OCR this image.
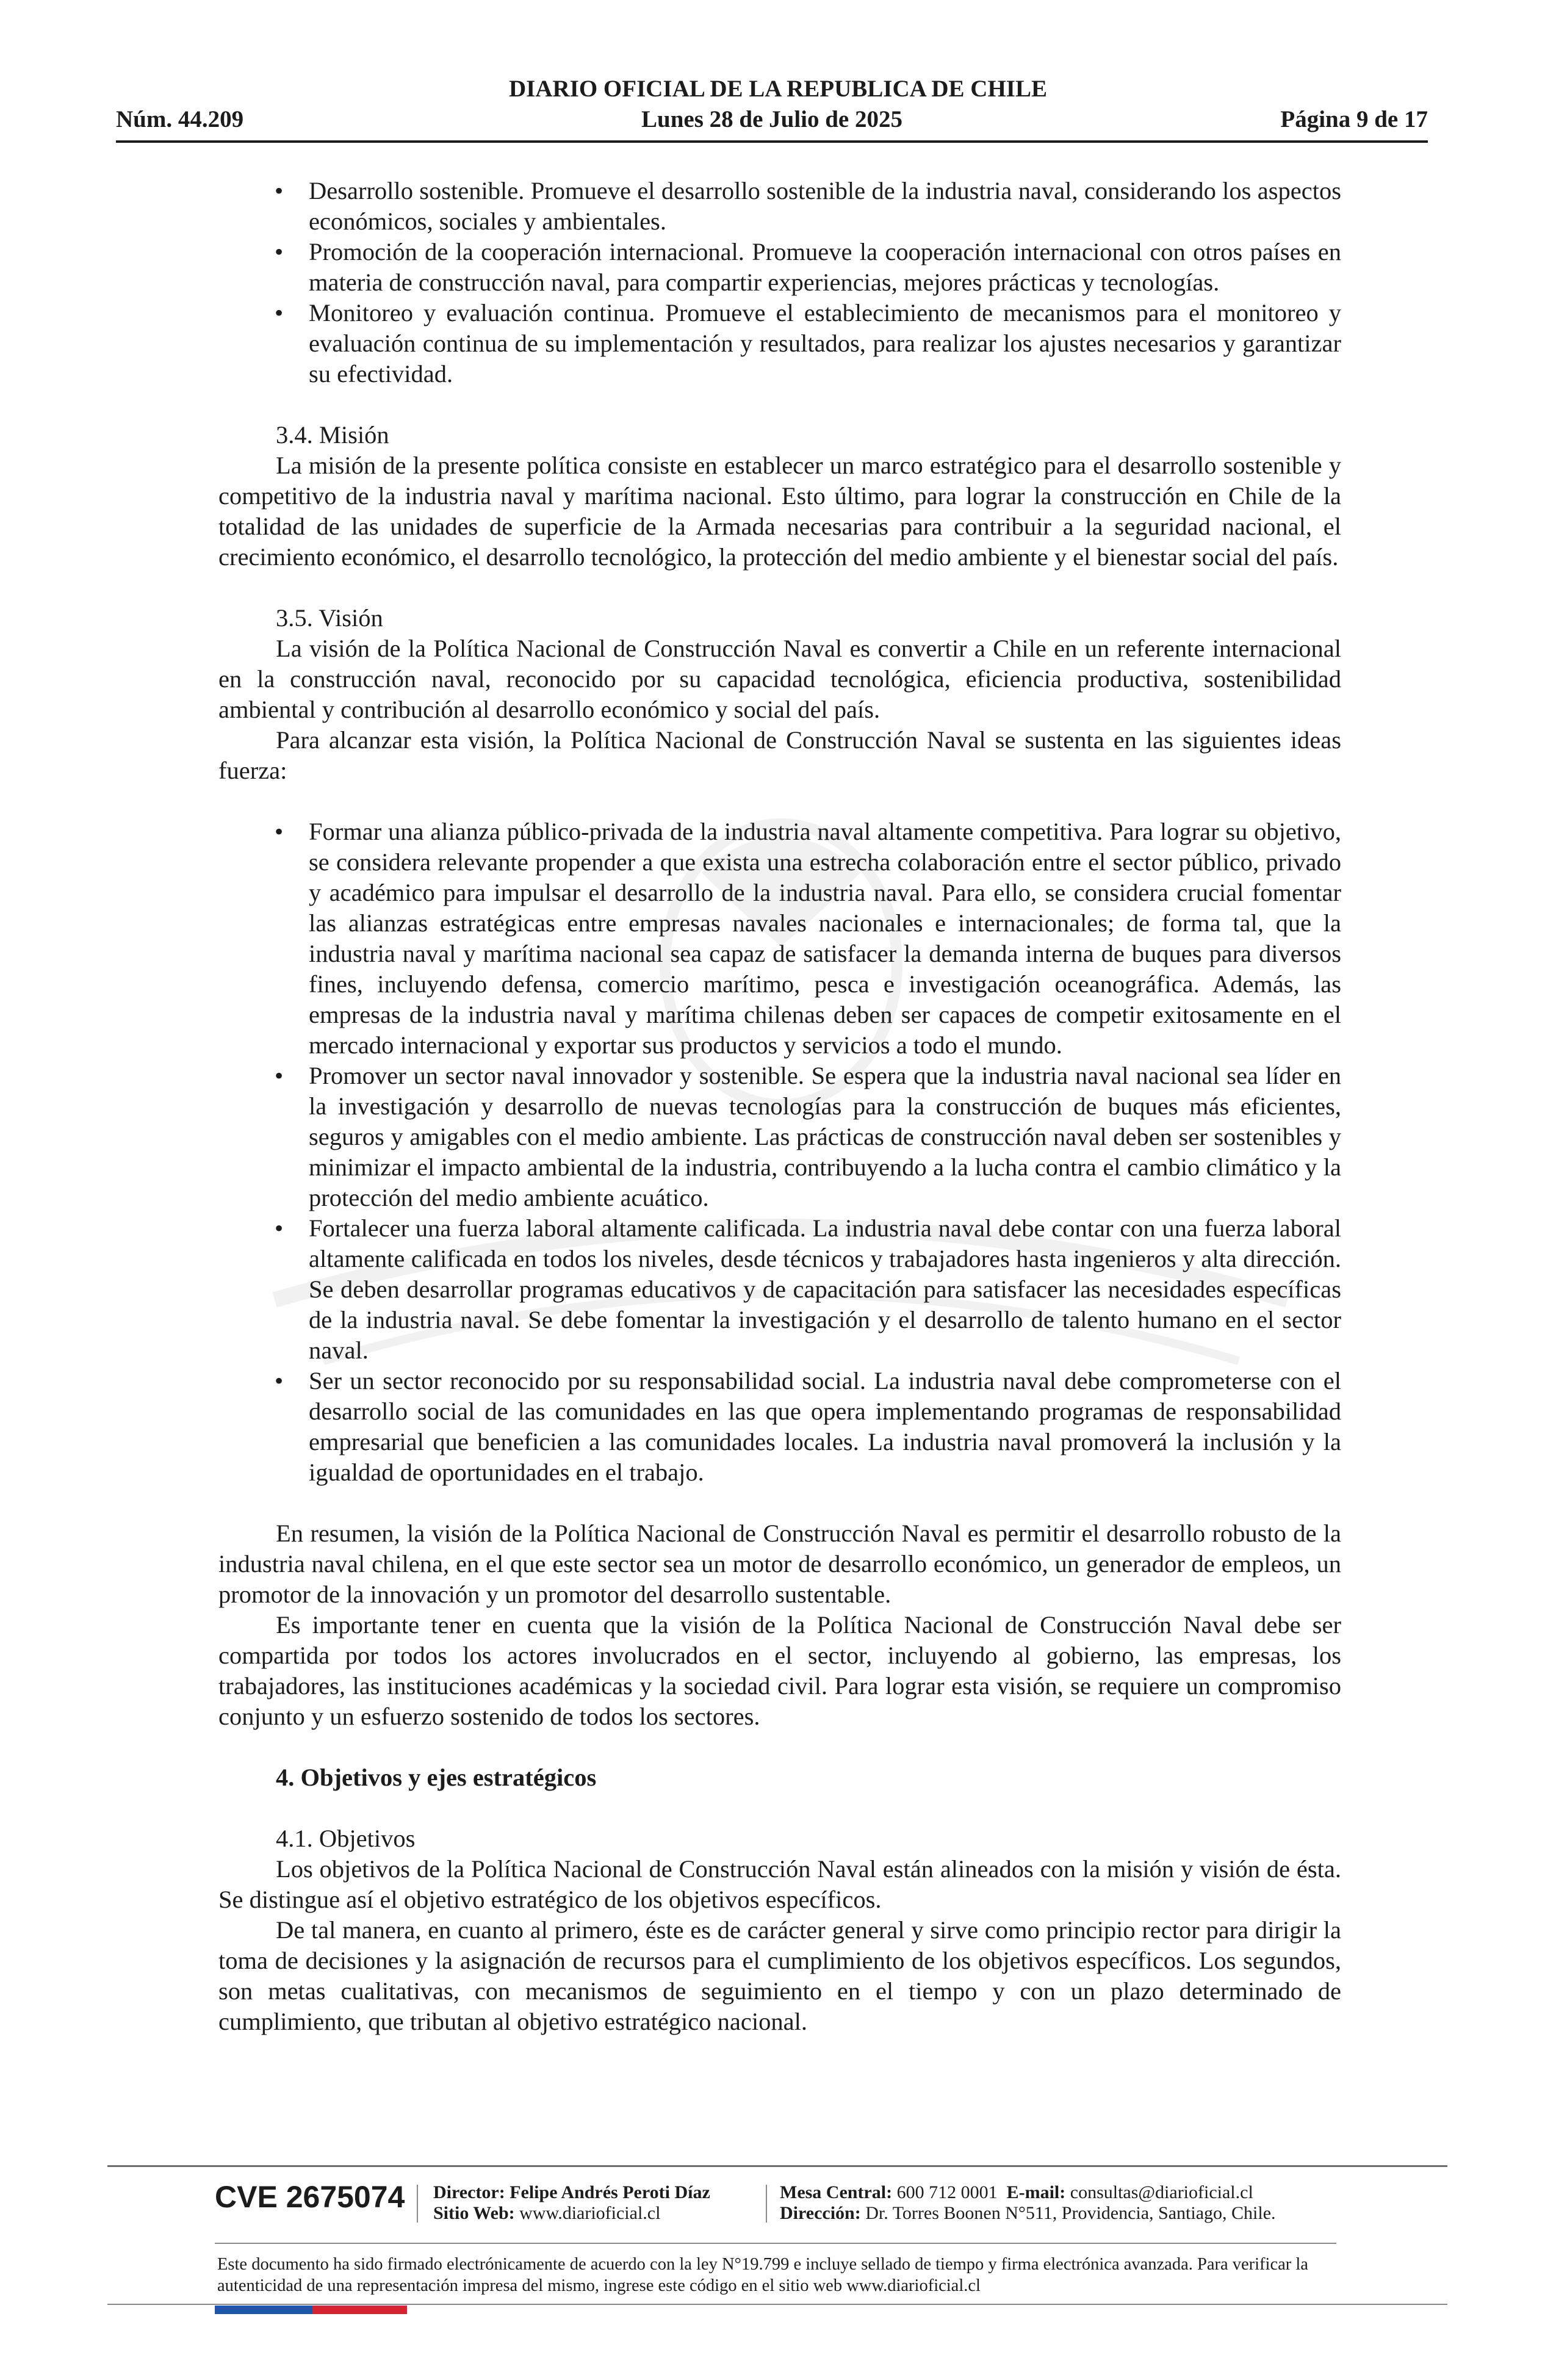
DIARIO OFICIAL DE LA REPUBLICA DE CHILE
Núm. 44.209	Lunes 28 de Julio de 2025	Página 9 de 17
• Desarrollo sostenible. Promueve el desarrollo sostenible de la industria naval, considerando los aspectos económicos, sociales y ambientales.
• Promoción de la cooperación internacional. Promueve la cooperación internacional con otros países en materia de construcción naval, para compartir experiencias, mejores prácticas y tecnologías.
• Monitoreo y evaluación continua. Promueve el establecimiento de mecanismos para el monitoreo y evaluación continua de su implementación y resultados, para realizar los ajustes necesarios y garantizar su efectividad.
3.4. Misión
La misión de la presente política consiste en establecer un marco estratégico para el desarrollo sostenible y competitivo de la industria naval y marítima nacional. Esto último, para lograr la construcción en Chile de la totalidad de las unidades de superficie de la Armada necesarias para contribuir a la seguridad nacional, el crecimiento económico, el desarrollo tecnológico, la protección del medio ambiente y el bienestar social del país.
3.5. Visión
La visión de la Política Nacional de Construcción Naval es convertir a Chile en un referente internacional en la construcción naval, reconocido por su capacidad tecnológica, eficiencia productiva, sostenibilidad ambiental y contribución al desarrollo económico y social del país.
Para alcanzar esta visión, la Política Nacional de Construcción Naval se sustenta en las siguientes ideas fuerza:
• Formar una alianza público-privada de la industria naval altamente competitiva. Para lograr su objetivo, se considera relevante propender a que exista una estrecha colaboración entre el sector público, privado y académico para impulsar el desarrollo de la industria naval. Para ello, se considera crucial fomentar las alianzas estratégicas entre empresas navales nacionales e internacionales; de forma tal, que la industria naval y marítima nacional sea capaz de satisfacer la demanda interna de buques para diversos fines, incluyendo defensa, comercio marítimo, pesca e investigación oceanográfica. Además, las empresas de la industria naval y marítima chilenas deben ser capaces de competir exitosamente en el mercado internacional y exportar sus productos y servicios a todo el mundo.
• Promover un sector naval innovador y sostenible. Se espera que la industria naval nacional sea líder en la investigación y desarrollo de nuevas tecnologías para la construcción de buques más eficientes, seguros y amigables con el medio ambiente. Las prácticas de construcción naval deben ser sostenibles y minimizar el impacto ambiental de la industria, contribuyendo a la lucha contra el cambio climático y la protección del medio ambiente acuático.
• Fortalecer una fuerza laboral altamente calificada. La industria naval debe contar con una fuerza laboral altamente calificada en todos los niveles, desde técnicos y trabajadores hasta ingenieros y alta dirección. Se deben desarrollar programas educativos y de capacitación para satisfacer las necesidades específicas de la industria naval. Se debe fomentar la investigación y el desarrollo de talento humano en el sector naval.
• Ser un sector reconocido por su responsabilidad social. La industria naval debe comprometerse con el desarrollo social de las comunidades en las que opera implementando programas de responsabilidad empresarial que beneficien a las comunidades locales. La industria naval promoverá la inclusión y la igualdad de oportunidades en el trabajo.
En resumen, la visión de la Política Nacional de Construcción Naval es permitir el desarrollo robusto de la industria naval chilena, en el que este sector sea un motor de desarrollo económico, un generador de empleos, un promotor de la innovación y un promotor del desarrollo sustentable.
Es importante tener en cuenta que la visión de la Política Nacional de Construcción Naval debe ser compartida por todos los actores involucrados en el sector, incluyendo al gobierno, las empresas, los trabajadores, las instituciones académicas y la sociedad civil. Para lograr esta visión, se requiere un compromiso conjunto y un esfuerzo sostenido de todos los sectores.
4. Objetivos y ejes estratégicos
4.1. Objetivos
Los objetivos de la Política Nacional de Construcción Naval están alineados con la misión y visión de ésta. Se distingue así el objetivo estratégico de los objetivos específicos.
De tal manera, en cuanto al primero, éste es de carácter general y sirve como principio rector para dirigir la toma de decisiones y la asignación de recursos para el cumplimiento de los objetivos específicos. Los segundos, son metas cualitativas, con mecanismos de seguimiento en el tiempo y con un plazo determinado de cumplimiento, que tributan al objetivo estratégico nacional.
CVE 2675074 Director: Felipe Andrés Peroti Díaz
Sitio Web: www.diarioficial.cl
Mesa Central: 600 712 0001 E-mail: consultas@diarioficial.cl
Dirección: Dr. Torres Boonen N°511, Providencia, Santiago, Chile.
Este documento ha sido firmado electrónicamente de acuerdo con la ley N°19.799 e incluye sellado de tiempo y firma electrónica avanzada. Para verificar la autenticidad de una representación impresa del mismo, ingrese este código en el sitio web www.diarioficial.cl
